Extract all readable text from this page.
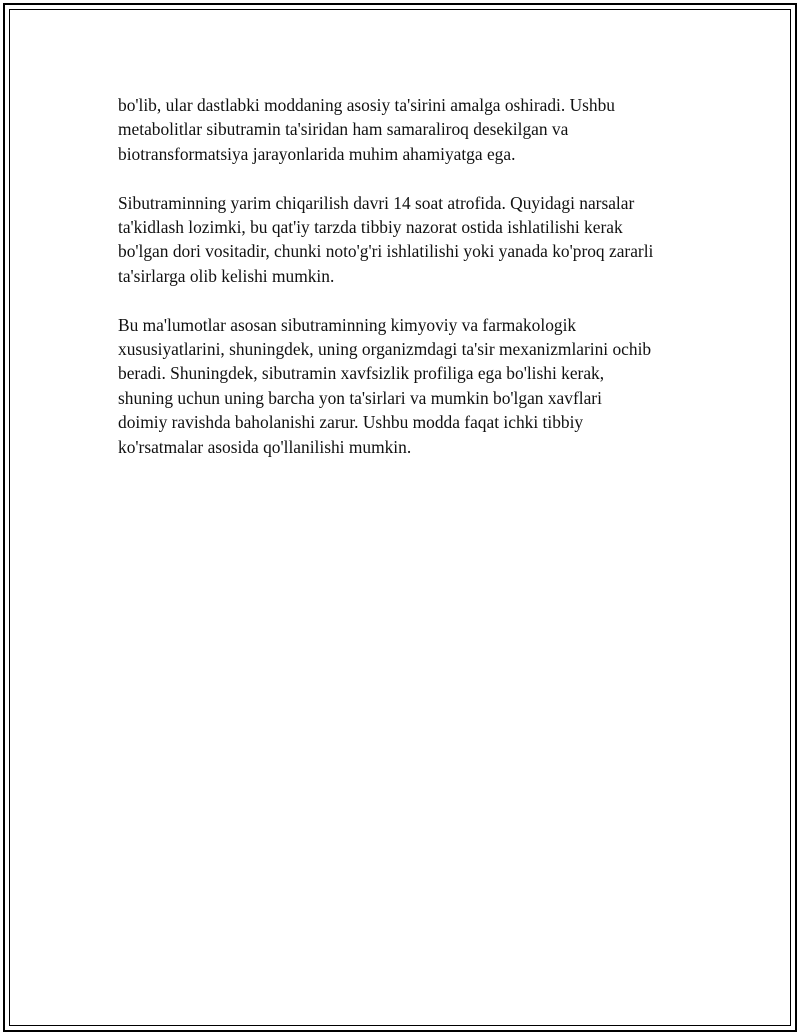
bo'lib, ular dastlabki moddaning asosiy ta'sirini amalga oshiradi. Ushbu
metabolitlar sibutramin ta'siridan ham samaraliroq desekilgan va
biotransformatsiya jarayonlarida muhim ahamiyatga ega.

Sibutraminning yarim chiqarilish davri 14 soat atrofida. Quyidagi narsalar
ta'kidlash lozimki, bu qat'iy tarzda tibbiy nazorat ostida ishlatilishi kerak
bo'lgan dori vositadir, chunki noto'g'ri ishlatilishi yoki yanada ko'proq zararli
ta'sirlarga olib kelishi mumkin.

Bu ma'lumotlar asosan sibutraminning kimyoviy va farmakologik
xususiyatlarini, shuningdek, uning organizmdagi ta'sir mexanizmlarini ochib
beradi. Shuningdek, sibutramin xavfsizlik profiliga ega bo'lishi kerak,
shuning uchun uning barcha yon ta'sirlari va mumkin bo'lgan xavflari
doimiy ravishda baholanishi zarur. Ushbu modda faqat ichki tibbiy
ko'rsatmalar asosida qo'llanilishi mumkin.
